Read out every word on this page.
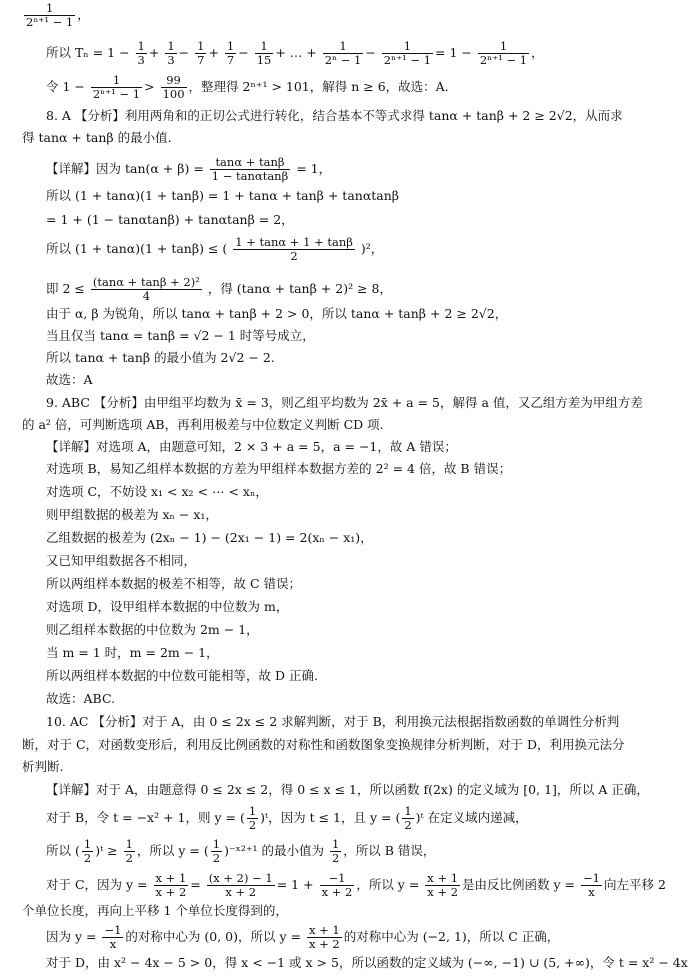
$\frac{1}{\text{2ⁿ⁺¹ − 1}}$ ，
所以 $T_n = 1 - \frac{1}{3} + \frac{1}{3} - \frac{1}{7} + \frac{1}{7} - \frac{1}{15}$ + … + $\frac{1}{\text{2ⁿ − 1}} - \frac{1}{\text{2ⁿ⁺¹ − 1}} = 1 - \frac{1}{\text{2ⁿ⁺¹ − 1}}$ ，
令 $1 - \frac{1}{\text{2ⁿ⁺¹ − 1}} > \frac{99}{100}$ ，整理得 2ⁿ⁺¹ > 101，解得 n ≥ 6，故选：A.
8. A 【分析】利用两角和的正切公式进行转化，结合基本不等式求得 tanα + tanβ + 2 ≥ 2√2，从而求
得 tanα + tanβ 的最小值.
【详解】因为 $\tan(\alpha + \beta) = \frac{\tan\alpha + \tan\beta}{1 - \tan\alpha\tan\beta} = 1$，
所以 (1 + tanα)(1 + tanβ) = 1 + tanα + tanβ + tanαtanβ
= 1 + (1 − tanαtanβ) + tanαtanβ = 2，
所以 (1 + tanα)(1 + tanβ) ≤ ( $\frac{1 + \tan\alpha + 1 + \tan\beta}{2} )^2$，
即 $2 \le \frac{\text{(tanα + tanβ + 2)²}}{4}$ ，得 (tanα + tanβ + 2)² ≥ 8，
由于 α, β 为锐角，所以 tanα + tanβ + 2 > 0，所以 tanα + tanβ + 2 ≥ 2√2，
当且仅当 tanα = tanβ = √2 − 1 时等号成立，
所以 tanα + tanβ 的最小值为 2√2 − 2.
故选：A
9. ABC 【分析】由甲组平均数为 x̄ = 3，则乙组平均数为 2x̄ + a = 5，解得 a 值，又乙组方差为甲组方差
的 a² 倍，可判断选项 AB，再利用极差与中位数定义判断 CD 项.
【详解】对选项 A，由题意可知，2 × 3 + a = 5，a = −1，故 A 错误；
对选项 B，易知乙组样本数据的方差为甲组样本数据方差的 2² = 4 倍，故 B 错误；
对选项 C，不妨设 x₁ < x₂ < ⋯ < xₙ，
则甲组数据的极差为 xₙ − x₁，
乙组数据的极差为 (2xₙ − 1) − (2x₁ − 1) = 2(xₙ − x₁)，
又已知甲组数据各不相同，
所以两组样本数据的极差不相等，故 C 错误；
对选项 D，设甲组样本数据的中位数为 m，
则乙组样本数据的中位数为 2m − 1，
当 m = 1 时，m = 2m − 1，
所以两组样本数据的中位数可能相等，故 D 正确.
故选：ABC.
10. AC 【分析】对于 A，由 0 ≤ 2x ≤ 2 求解判断，对于 B，利用换元法根据指数函数的单调性分析判
断，对于 C，对函数变形后，利用反比例函数的对称性和函数图象变换规律分析判断，对于 D，利用换元法分
析判断.
【详解】对于 A，由题意得 0 ≤ 2x ≤ 2，得 0 ≤ x ≤ 1，所以函数 f(2x) 的定义域为 [0, 1]，所以 A 正确，
对于 B，令 t = −x² + 1，则 y = ( $\frac{1}{2}$ )ᵗ，因为 t ≤ 1，且 y = ( $\frac{1}{2}$ )ᵗ 在定义域内递减，
所以 ( $\frac{1}{2}$ )ᵗ ≥ $\frac{1}{2}$ ，所以 y = ( $\frac{1}{2}$ )⁻ˣ²⁺¹ 的最小值为 $\frac{1}{2}$ ，所以 B 错误，
对于 C，因为 $y = \frac{x + 1}{x + 2} = \frac{(x + 2) - 1}{x + 2} = 1 + \frac{-1}{x + 2}$ ，所以 $y = \frac{x + 1}{x + 2}$ 是由反比例函数 $y = \frac{-1}{x}$ 向左平移 2
个单位长度，再向上平移 1 个单位长度得到的，
因为 $y = \frac{-1}{x}$ 的对称中心为 (0, 0)，所以 $y = \frac{x + 1}{x + 2}$ 的对称中心为 (−2, 1)，所以 C 正确，
对于 D，由 x² − 4x − 5 > 0，得 x < −1 或 x > 5，所以函数的定义域为 (−∞, −1) ∪ (5, +∞)，令 t = x² − 4x
